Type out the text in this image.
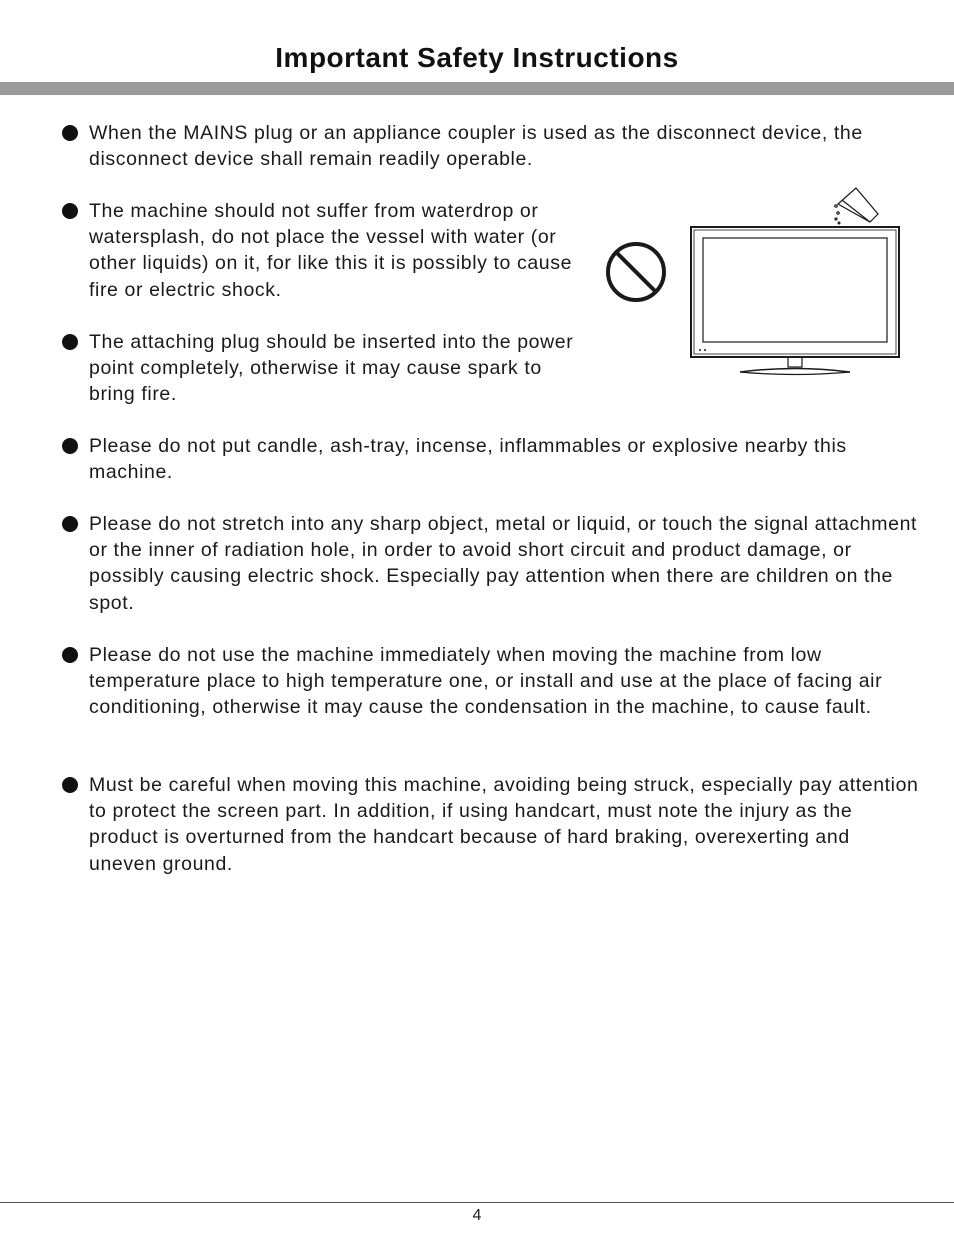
Important Safety Instructions
When the MAINS plug or an appliance coupler is used as the disconnect device, the disconnect device shall remain readily operable.
The machine should not suffer from waterdrop or watersplash, do not place the vessel with water (or other liquids) on it, for like this it is possibly to cause fire or electric shock.
The attaching plug should be inserted into the power point completely, otherwise it may cause spark to bring fire.
Please do not put candle, ash-tray, incense, inflammables or explosive nearby this machine.
Please do not stretch into any sharp object, metal or liquid, or touch the signal attachment or the inner of radiation hole, in order to avoid short circuit and product damage, or possibly causing electric shock. Especially pay attention when there are children on the spot.
Please do not use the machine immediately when moving the machine from low temperature place to high temperature one, or install and use at the place of facing air conditioning, otherwise it may cause the condensation in the machine, to cause fault.
Must be careful when moving this machine, avoiding being struck, especially pay attention to protect the screen part. In addition, if using handcart, must note the injury as the product is overturned from the handcart because of hard braking, overexerting and uneven ground.
4
